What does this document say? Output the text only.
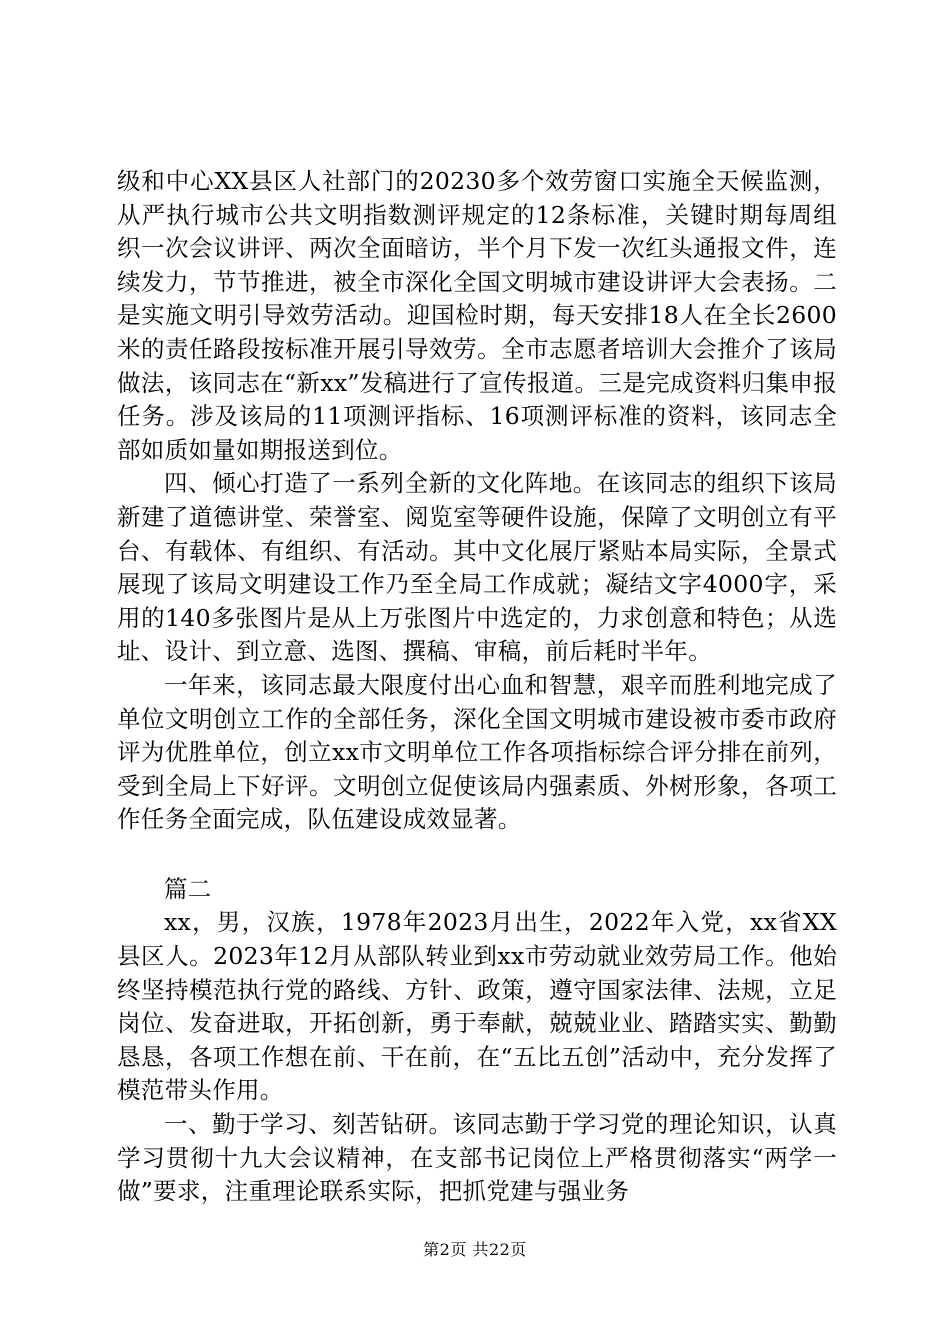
级和中心XX县区人社部门的20230多个效劳窗口实施全天候监测，从严执行城市公共文明指数测评规定的12条标准，关键时期每周组织一次会议讲评、两次全面暗访，半个月下发一次红头通报文件，连续发力，节节推进，被全市深化全国文明城市建设讲评大会表扬。二是实施文明引导效劳活动。迎国检时期，每天安排18人在全长2600米的责任路段按标准开展引导效劳。全市志愿者培训大会推介了该局做法，该同志在“新xx”发稿进行了宣传报道。三是完成资料归集申报任务。涉及该局的11项测评指标、16项测评标准的资料，该同志全部如质如量如期报送到位。

四、倾心打造了一系列全新的文化阵地。在该同志的组织下该局新建了道德讲堂、荣誉室、阅览室等硬件设施，保障了文明创立有平台、有载体、有组织、有活动。其中文化展厅紧贴本局实际，全景式展现了该局文明建设工作乃至全局工作成就；凝结文字4000字，采用的140多张图片是从上万张图片中选定的，力求创意和特色；从选址、设计、到立意、选图、撰稿、审稿，前后耗时半年。

一年来，该同志最大限度付出心血和智慧，艰辛而胜利地完成了单位文明创立工作的全部任务，深化全国文明城市建设被市委市政府评为优胜单位，创立xx市文明单位工作各项指标综合评分排在前列，受到全局上下好评。文明创立促使该局内强素质、外树形象，各项工作任务全面完成，队伍建设成效显著。

篇二

xx，男，汉族，1978年2023月出生，2022年入党，xx省XX县区人。2023年12月从部队转业到xx市劳动就业效劳局工作。他始终坚持模范执行党的路线、方针、政策，遵守国家法律、法规，立足岗位、发奋进取，开拓创新，勇于奉献，兢兢业业、踏踏实实、勤勤恳恳，各项工作想在前、干在前，在“五比五创”活动中，充分发挥了模范带头作用。

一、勤于学习、刻苦钻研。该同志勤于学习党的理论知识，认真学习贯彻十九大会议精神，在支部书记岗位上严格贯彻落实“两学一做”要求，注重理论联系实际，把抓党建与强业务

第2页 共22页
